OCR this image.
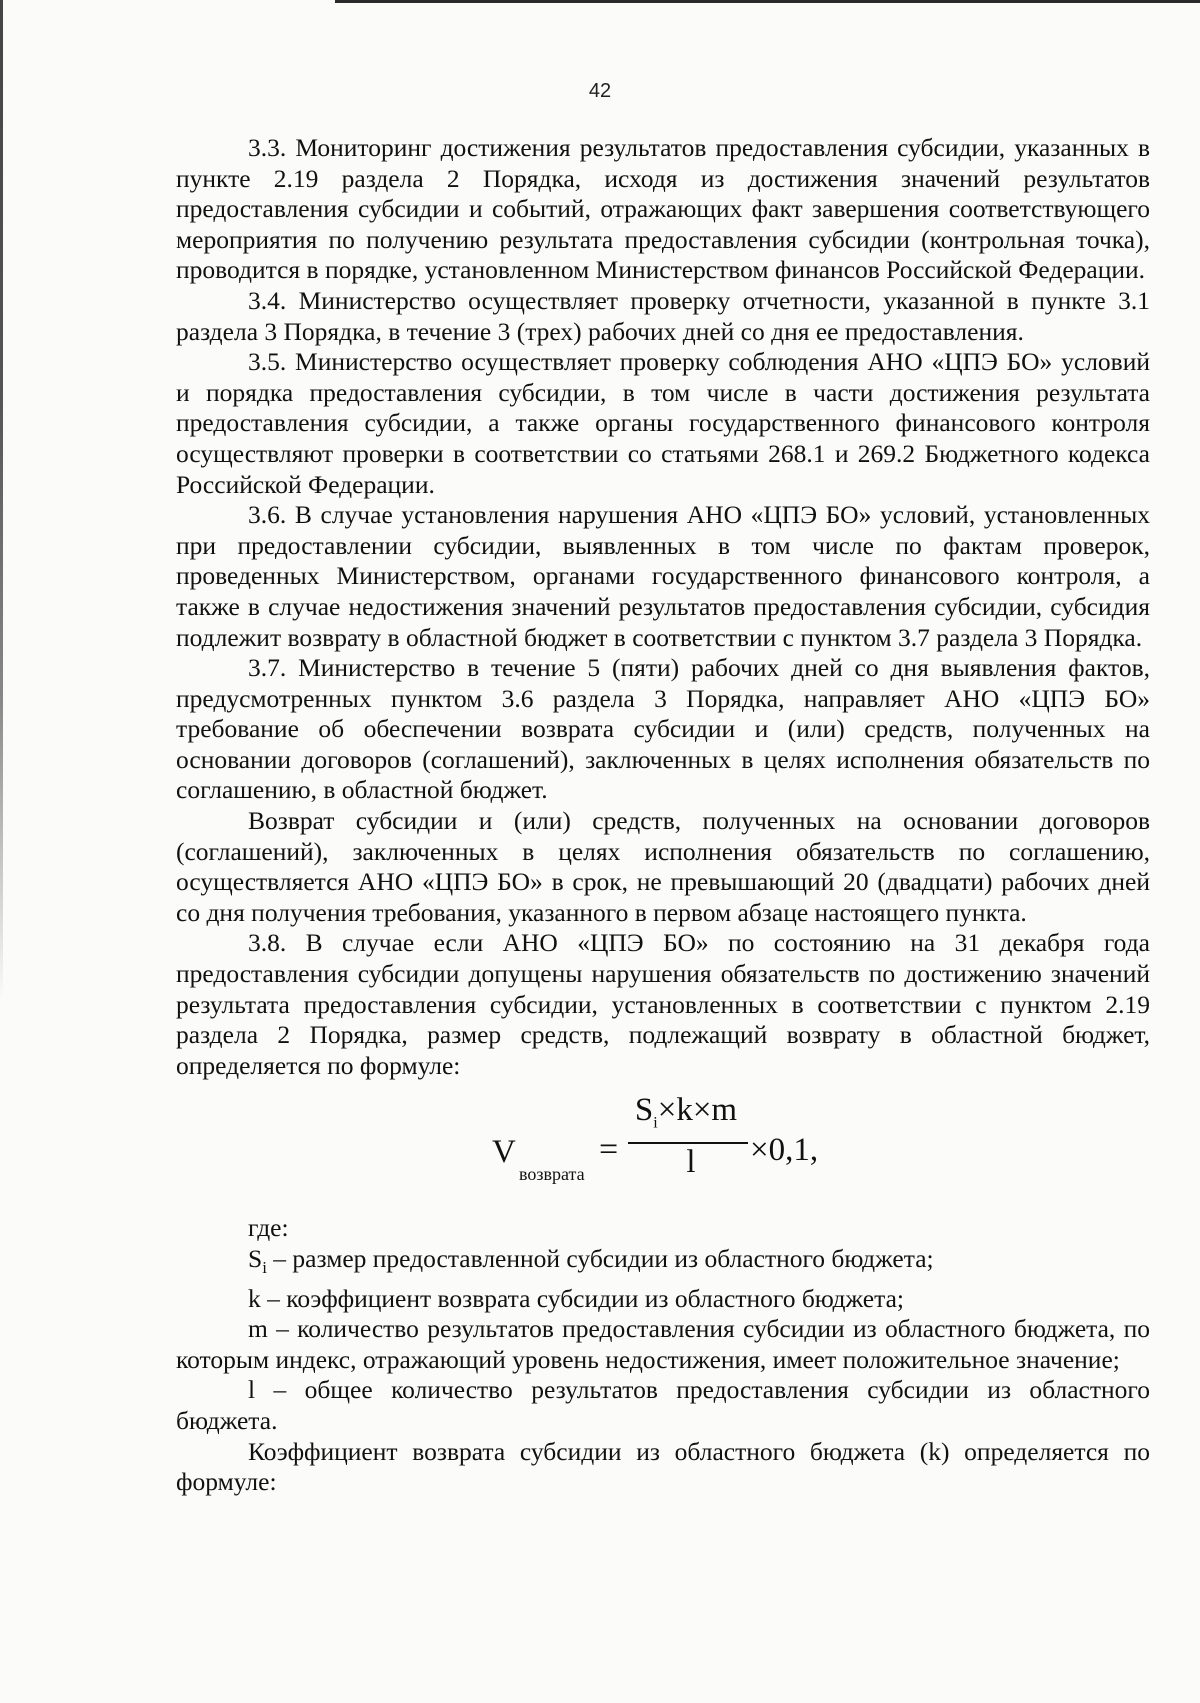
42

3.3. Мониторинг достижения результатов предоставления субсидии, указанных в пункте 2.19 раздела 2 Порядка, исходя из достижения значений результатов предоставления субсидии и событий, отражающих факт завершения соответствующего мероприятия по получению результата предоставления субсидии (контрольная точка), проводится в порядке, установленном Министерством финансов Российской Федерации.

3.4. Министерство осуществляет проверку отчетности, указанной в пункте 3.1 раздела 3 Порядка, в течение 3 (трех) рабочих дней со дня ее предоставления.

3.5. Министерство осуществляет проверку соблюдения АНО «ЦПЭ БО» условий и порядка предоставления субсидии, в том числе в части достижения результата предоставления субсидии, а также органы государственного финансового контроля осуществляют проверки в соответствии со статьями 268.1 и 269.2 Бюджетного кодекса Российской Федерации.

3.6. В случае установления нарушения АНО «ЦПЭ БО» условий, установленных при предоставлении субсидии, выявленных в том числе по фактам проверок, проведенных Министерством, органами государственного финансового контроля, а также в случае недостижения значений результатов предоставления субсидии, субсидия подлежит возврату в областной бюджет в соответствии с пунктом 3.7 раздела 3 Порядка.

3.7. Министерство в течение 5 (пяти) рабочих дней со дня выявления фактов, предусмотренных пунктом 3.6 раздела 3 Порядка, направляет АНО «ЦПЭ БО» требование об обеспечении возврата субсидии и (или) средств, полученных на основании договоров (соглашений), заключенных в целях исполнения обязательств по соглашению, в областной бюджет.

Возврат субсидии и (или) средств, полученных на основании договоров (соглашений), заключенных в целях исполнения обязательств по соглашению, осуществляется АНО «ЦПЭ БО» в срок, не превышающий 20 (двадцати) рабочих дней со дня получения требования, указанного в первом абзаце настоящего пункта.

3.8. В случае если АНО «ЦПЭ БО» по состоянию на 31 декабря года предоставления субсидии допущены нарушения обязательств по достижению значений результата предоставления субсидии, установленных в соответствии с пунктом 2.19 раздела 2 Порядка, размер средств, подлежащий возврату в областной бюджет, определяется по формуле:

V
возврата
=
$S_i\times k\times m$
l	×0,1,

где:

$S_i$ – размер предоставленной субсидии из областного бюджета;

k – коэффициент возврата субсидии из областного бюджета;

m – количество результатов предоставления субсидии из областного бюджета, по которым индекс, отражающий уровень недостижения, имеет положительное значение;

l – общее количество результатов предоставления субсидии из областного бюджета.

Коэффициент возврата субсидии из областного бюджета (k) определяется по формуле:
